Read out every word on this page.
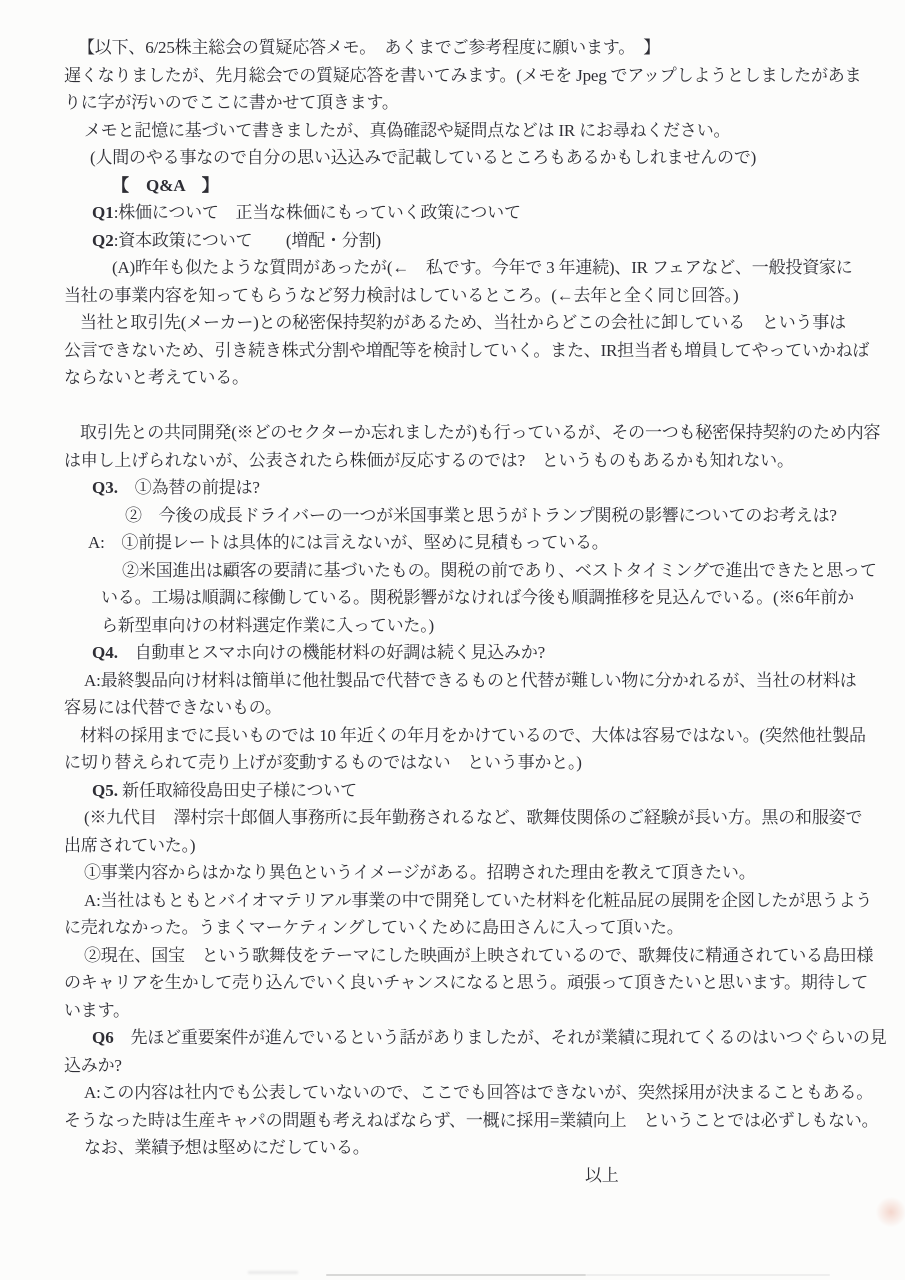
【以下、6/25株主総会の質疑応答メモ。　あくまでご参考程度に願います。　】
遅くなりましたが、先月総会での質疑応答を書いてみます。(メモを Jpeg でアップしようとしましたがあま
りに字が汚いのでここに書かせて頂きます。
メモと記憶に基づいて書きましたが、真偽確認や疑問点などは IR にお尋ねください。
(人間のやる事なので自分の思い込込みで記載しているところもあるかもしれませんので)
【　Q&A　】
Q1:株価について　正当な株価にもっていく政策について
Q2:資本政策について　　(増配・分割)
(A)昨年も似たような質問があったが(←　私です。今年で 3 年連続)、IR フェアなど、一般投資家に
当社の事業内容を知ってもらうなど努力検討はしているところ。(←去年と全く同じ回答。)
当社と取引先(メーカー)との秘密保持契約があるため、当社からどこの会社に卸している　という事は
公言できないため、引き続き株式分割や増配等を検討していく。また、IR担当者も増員してやっていかねば
ならないと考えている。

取引先との共同開発(※どのセクターか忘れましたが)も行っているが、その一つも秘密保持契約のため内容
は申し上げられないが、公表されたら株価が反応するのでは?　というものもあるかも知れない。
Q3.　①為替の前提は?
②　今後の成長ドライバーの一つが米国事業と思うがトランプ関税の影響についてのお考えは?
A:　①前提レートは具体的には言えないが、堅めに見積もっている。
②米国進出は顧客の要請に基づいたもの。関税の前であり、ベストタイミングで進出できたと思って
いる。工場は順調に稼働している。関税影響がなければ今後も順調推移を見込んでいる。(※6年前か
ら新型車向けの材料選定作業に入っていた。)
Q4.　自動車とスマホ向けの機能材料の好調は続く見込みか?
A:最終製品向け材料は簡単に他社製品で代替できるものと代替が難しい物に分かれるが、当社の材料は
容易には代替できないもの。
材料の採用までに長いものでは 10 年近くの年月をかけているので、大体は容易ではない。(突然他社製品
に切り替えられて売り上げが変動するものではない　という事かと。)
Q5. 新任取締役島田史子様について
(※九代目　澤村宗十郎個人事務所に長年勤務されるなど、歌舞伎関係のご経験が長い方。黒の和服姿で
出席されていた。)
①事業内容からはかなり異色というイメージがある。招聘された理由を教えて頂きたい。
A:当社はもともとバイオマテリアル事業の中で開発していた材料を化粧品屁の展開を企図したが思うよう
に売れなかった。うまくマーケティングしていくために島田さんに入って頂いた。
②現在、国宝　という歌舞伎をテーマにした映画が上映されているので、歌舞伎に精通されている島田様
のキャリアを生かして売り込んでいく良いチャンスになると思う。頑張って頂きたいと思います。期待して
います。
Q6　先ほど重要案件が進んでいるという話がありましたが、それが業績に現れてくるのはいつぐらいの見
込みか?
A:この内容は社内でも公表していないので、ここでも回答はできないが、突然採用が決まることもある。
そうなった時は生産キャパの問題も考えねばならず、一概に採用=業績向上　ということでは必ずしもない。
なお、業績予想は堅めにだしている。
以上
